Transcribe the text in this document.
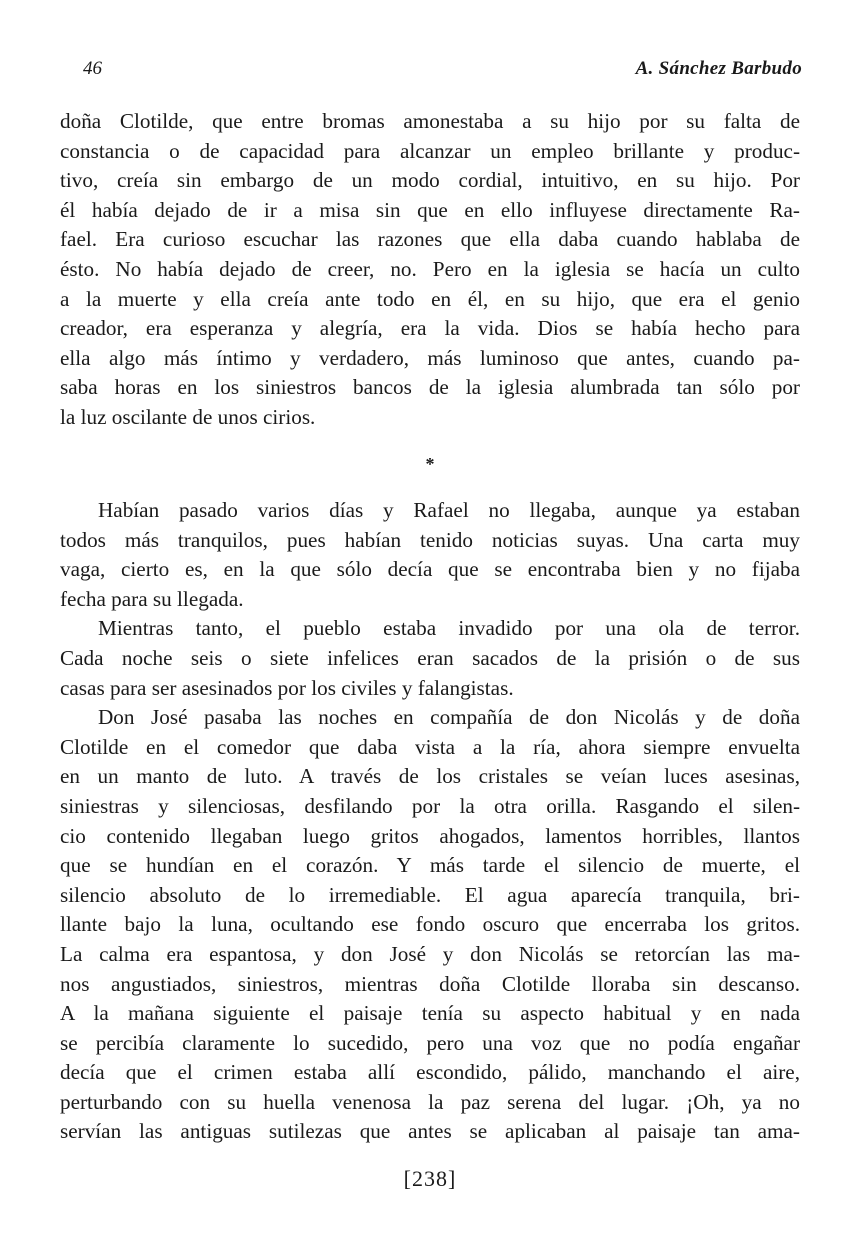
46	A. Sánchez Barbudo
doña Clotilde, que entre bromas amonestaba a su hijo por su falta de
constancia o de capacidad para alcanzar un empleo brillante y produc-
tivo, creía sin embargo de un modo cordial, intuitivo, en su hijo. Por
él había dejado de ir a misa sin que en ello influyese directamente Ra-
fael. Era curioso escuchar las razones que ella daba cuando hablaba de
ésto. No había dejado de creer, no. Pero en la iglesia se hacía un culto
a la muerte y ella creía ante todo en él, en su hijo, que era el genio
creador, era esperanza y alegría, era la vida. Dios se había hecho para
ella algo más íntimo y verdadero, más luminoso que antes, cuando pa-
saba horas en los siniestros bancos de la iglesia alumbrada tan sólo por
la luz oscilante de unos cirios.
*
Habían pasado varios días y Rafael no llegaba, aunque ya estaban
todos más tranquilos, pues habían tenido noticias suyas. Una carta muy
vaga, cierto es, en la que sólo decía que se encontraba bien y no fijaba
fecha para su llegada.
Mientras tanto, el pueblo estaba invadido por una ola de terror.
Cada noche seis o siete infelices eran sacados de la prisión o de sus
casas para ser asesinados por los civiles y falangistas.
Don José pasaba las noches en compañía de don Nicolás y de doña
Clotilde en el comedor que daba vista a la ría, ahora siempre envuelta
en un manto de luto. A través de los cristales se veían luces asesinas,
siniestras y silenciosas, desfilando por la otra orilla. Rasgando el silen-
cio contenido llegaban luego gritos ahogados, lamentos horribles, llantos
que se hundían en el corazón. Y más tarde el silencio de muerte, el
silencio absoluto de lo irremediable. El agua aparecía tranquila, bri-
llante bajo la luna, ocultando ese fondo oscuro que encerraba los gritos.
La calma era espantosa, y don José y don Nicolás se retorcían las ma-
nos angustiados, siniestros, mientras doña Clotilde lloraba sin descanso.
A la mañana siguiente el paisaje tenía su aspecto habitual y en nada
se percibía claramente lo sucedido, pero una voz que no podía engañar
decía que el crimen estaba allí escondido, pálido, manchando el aire,
perturbando con su huella venenosa la paz serena del lugar. ¡Oh, ya no
servían las antiguas sutilezas que antes se aplicaban al paisaje tan ama-
[238]
